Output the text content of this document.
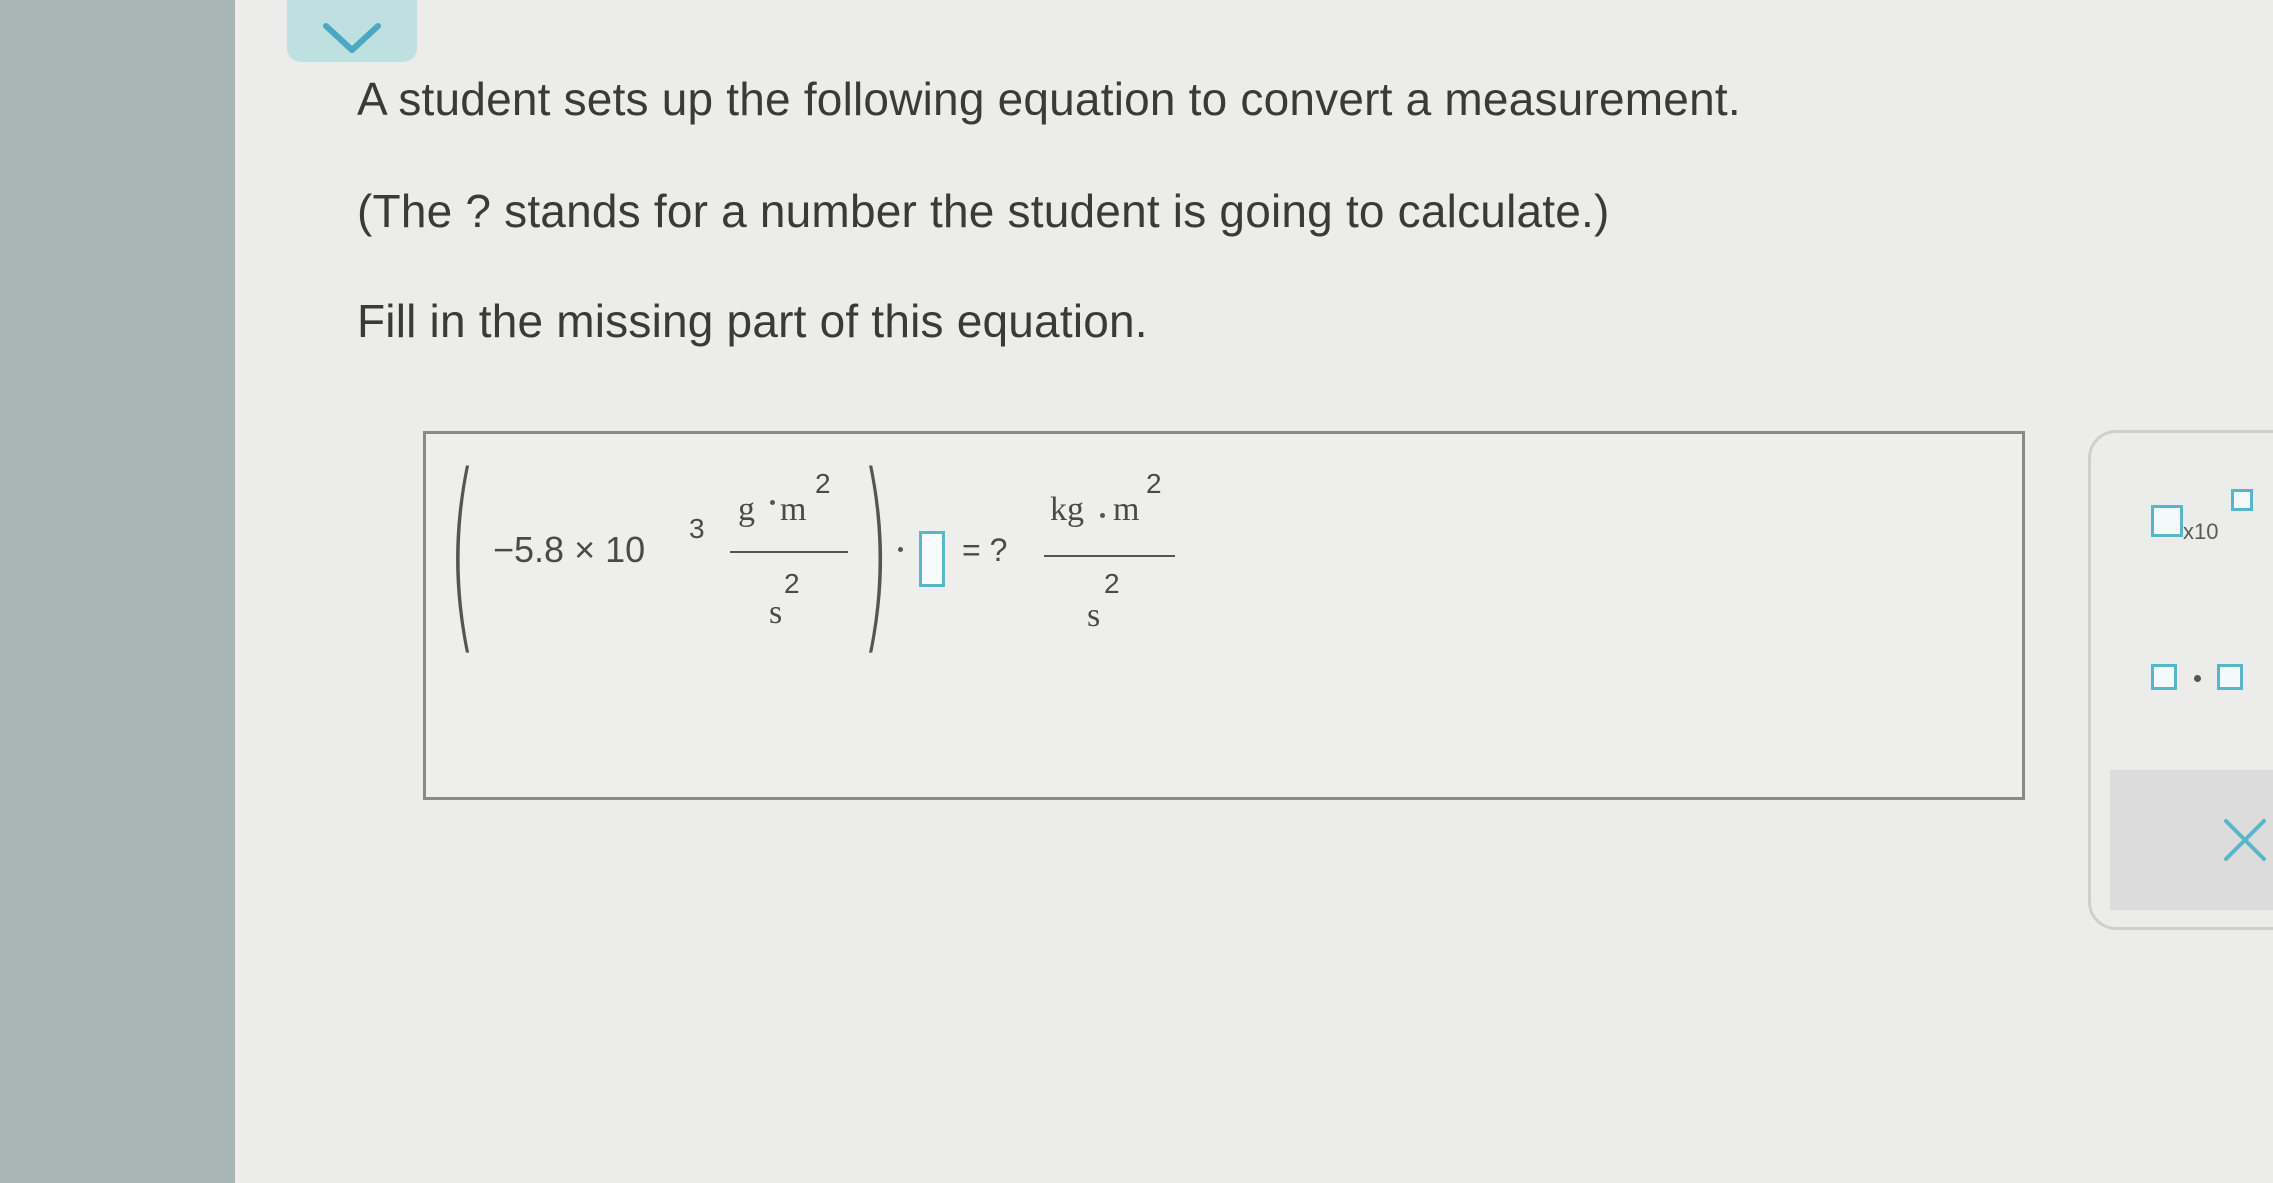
A student sets up the following equation to convert a measurement.
(The ? stands for a number the student is going to calculate.)
Fill in the missing part of this equation.
( −5.8 × 10
3
g m
2
s
2 ) = ?
kg m
2
s
2
x10
